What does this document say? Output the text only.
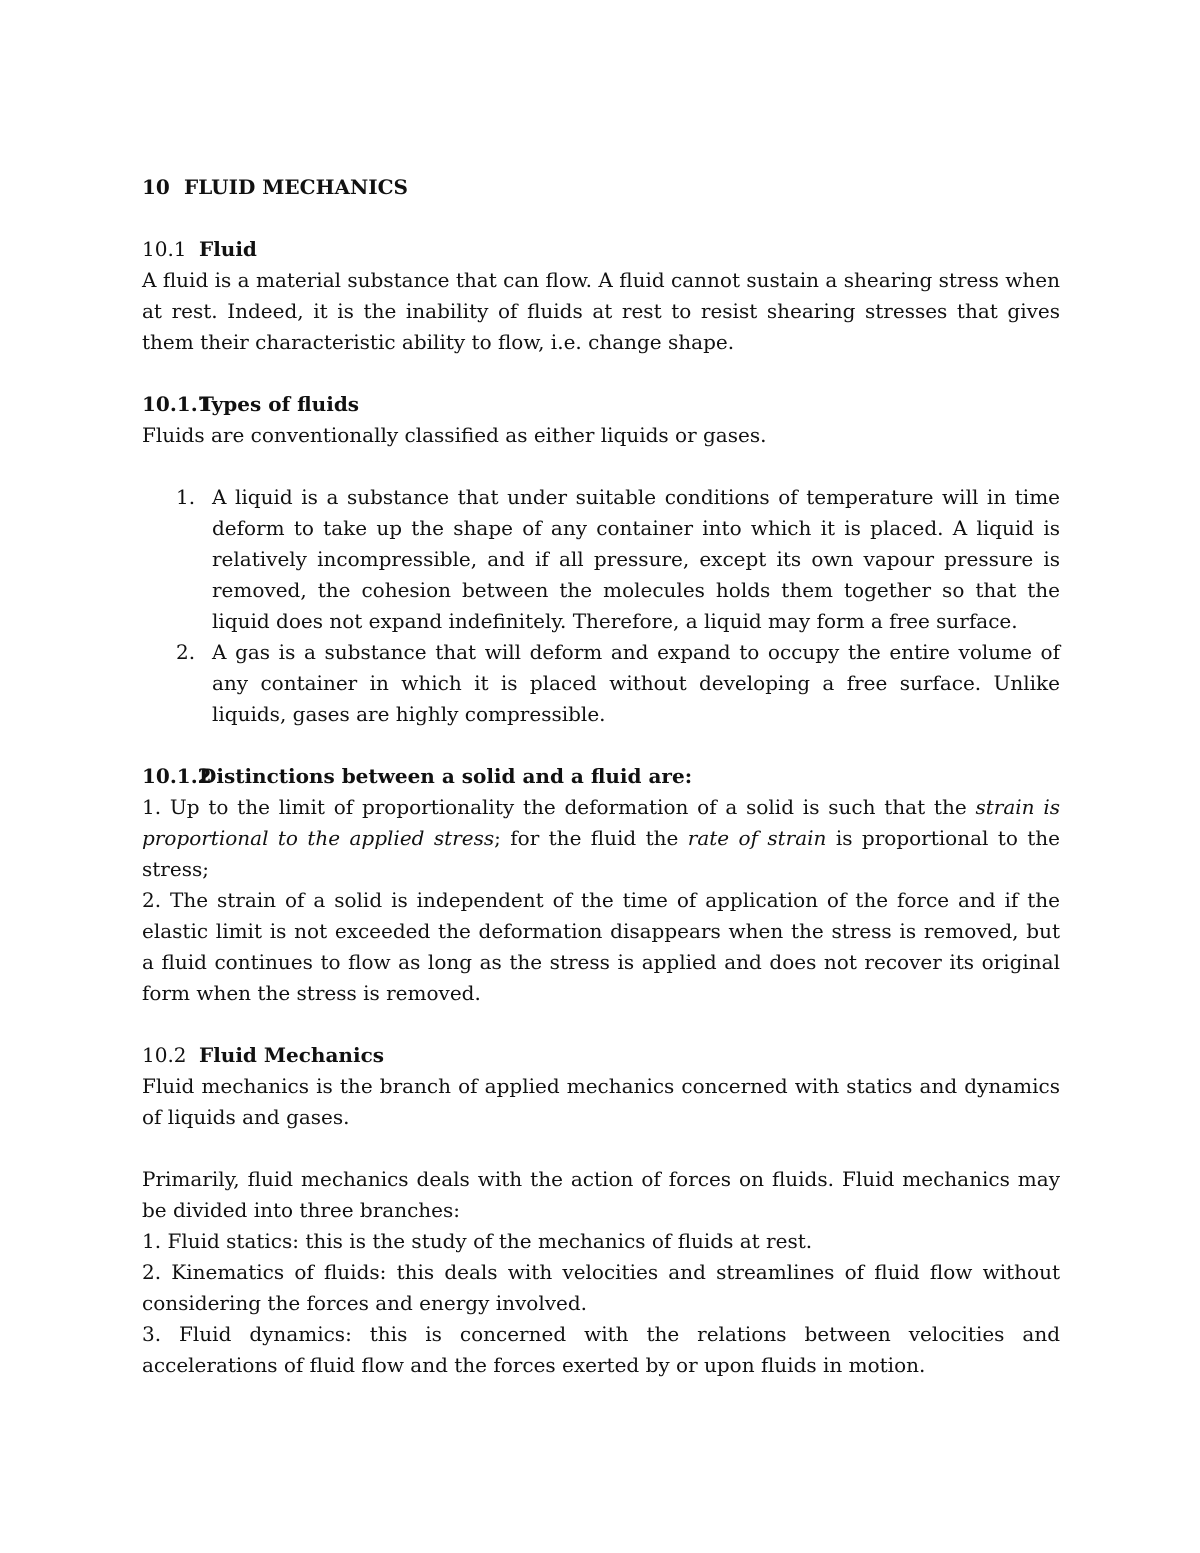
10 FLUID MECHANICS

10.1 Fluid

A fluid is a material substance that can flow. A fluid cannot sustain a shearing stress when at rest. Indeed, it is the inability of fluids at rest to resist shearing stresses that gives them their characteristic ability to flow, i.e. change shape.

10.1.1Types of fluids

Fluids are conventionally classified as either liquids or gases.

1. A liquid is a substance that under suitable conditions of temperature will in time deform to take up the shape of any container into which it is placed. A liquid is relatively incompressible, and if all pressure, except its own vapour pressure is removed, the cohesion between the molecules holds them together so that the liquid does not expand indefinitely. Therefore, a liquid may form a free surface.
2. A gas is a substance that will deform and expand to occupy the entire volume of any container in which it is placed without developing a free surface. Unlike liquids, gases are highly compressible.

10.1.2Distinctions between a solid and a fluid are:

1. Up to the limit of proportionality the deformation of a solid is such that the strain is proportional to the applied stress; for the fluid the rate of strain is proportional to the stress;

2. The strain of a solid is independent of the time of application of the force and if the elastic limit is not exceeded the deformation disappears when the stress is removed, but a fluid continues to flow as long as the stress is applied and does not recover its original form when the stress is removed.

10.2 Fluid Mechanics

Fluid mechanics is the branch of applied mechanics concerned with statics and dynamics of liquids and gases.

Primarily, fluid mechanics deals with the action of forces on fluids. Fluid mechanics may be divided into three branches:

1. Fluid statics: this is the study of the mechanics of fluids at rest.

2. Kinematics of fluids: this deals with velocities and streamlines of fluid flow without considering the forces and energy involved.

3. Fluid dynamics: this is concerned with the relations between velocities and accelerations of fluid flow and the forces exerted by or upon fluids in motion.
